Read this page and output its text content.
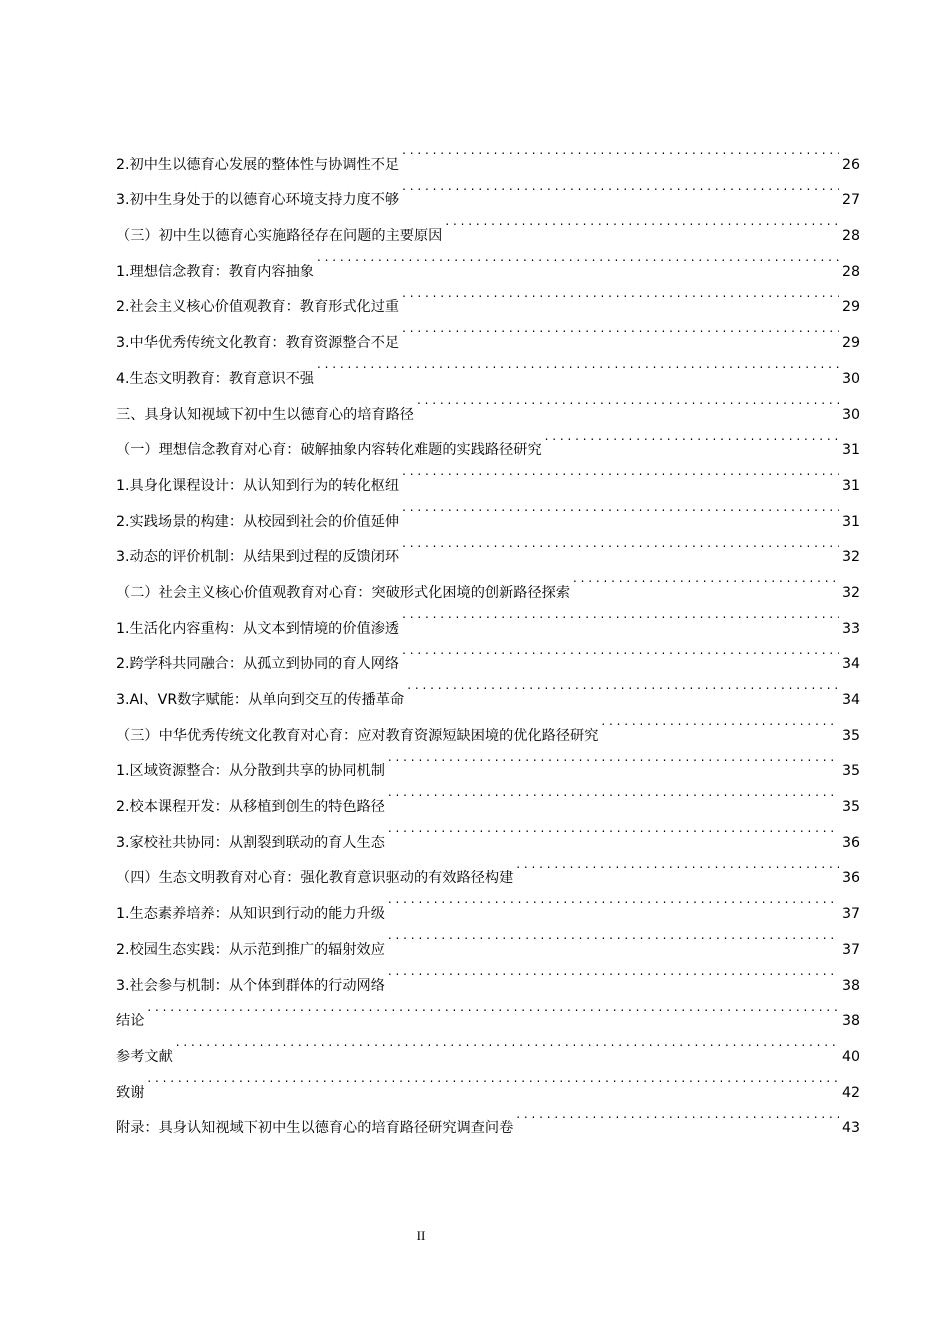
2.初中生以德育心发展的整体性与协调性不足 . . .	26
3.初中生身处于的以德育心环境支持力度不够 . . .	27
（三）初中生以德育心实施路径存在问题的主要原因 . . .	28
1.理想信念教育：教育内容抽象 . . .	28
2.社会主义核心价值观教育：教育形式化过重 . . .	29
3.中华优秀传统文化教育：教育资源整合不足 . . .	29
4.生态文明教育：教育意识不强 . . .	30
三、具身认知视域下初中生以德育心的培育路径 . . .	30
（一）理想信念教育对心育：破解抽象内容转化难题的实践路径研究 . . .	31
1.具身化课程设计：从认知到行为的转化枢纽 . . .	31
2.实践场景的构建：从校园到社会的价值延伸 . . .	31
3.动态的评价机制：从结果到过程的反馈闭环 . . .	32
（二）社会主义核心价值观教育对心育：突破形式化困境的创新路径探索 . . .	32
1.生活化内容重构：从文本到情境的价值渗透 . . .	33
2.跨学科共同融合：从孤立到协同的育人网络 . . .	34
3.AI、VR数字赋能：从单向到交互的传播革命 . . .	34
（三）中华优秀传统文化教育对心育：应对教育资源短缺困境的优化路径研究 . . .	35
1.区域资源整合：从分散到共享的协同机制 . . .	35
2.校本课程开发：从移植到创生的特色路径 . . .	35
3.家校社共协同：从割裂到联动的育人生态 . . .	36
（四）生态文明教育对心育：强化教育意识驱动的有效路径构建 . . .	36
1.生态素养培养：从知识到行动的能力升级 . . .	37
2.校园生态实践：从示范到推广的辐射效应 . . .	37
3.社会参与机制：从个体到群体的行动网络 . . .	38
结论 . . .	38
参考文献 . . .	40
致谢 . . .	42
附录：具身认知视域下初中生以德育心的培育路径研究调查问卷 . . .	43
II
